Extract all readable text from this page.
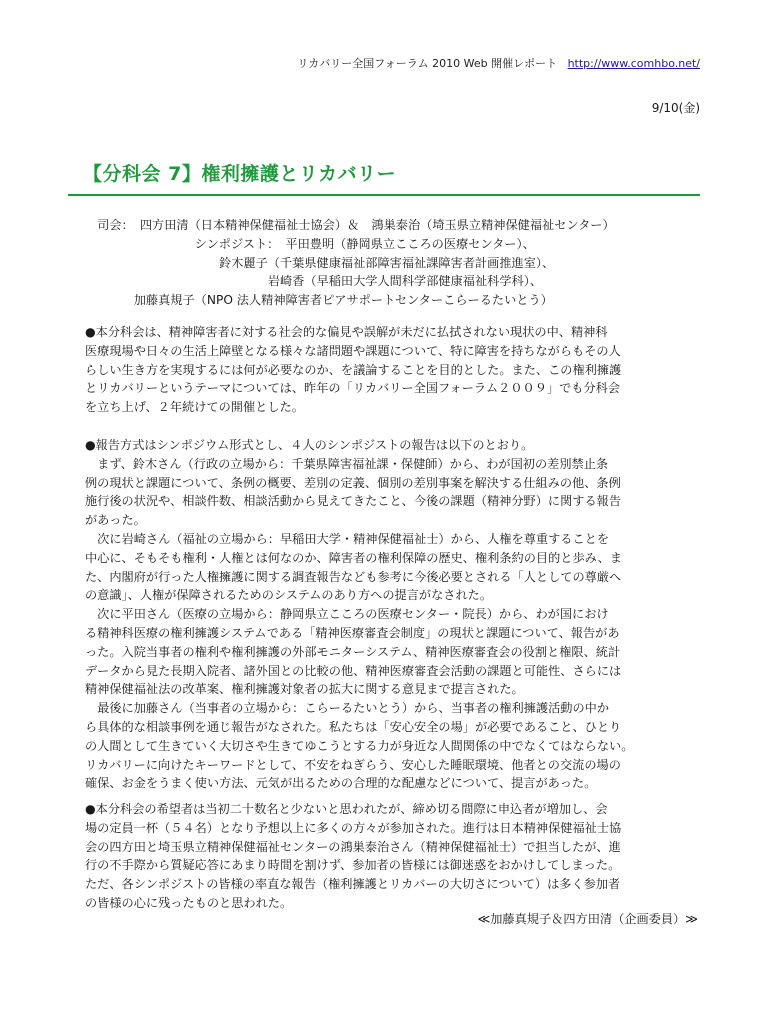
リカバリー全国フォーラム 2010 Web 開催レポート http://www.comhbo.net/
9/10(金)
【分科会 7】権利擁護とリカバリー
　司会：　四方田清（日本精神保健福祉士協会）＆　鴻巣泰治（埼玉県立精神保健福祉センター）
　　　　　　　　　シンポジスト：　平田豊明（静岡県立こころの医療センター）、
　　　　　　　　　　　鈴木麗子（千葉県健康福祉部障害福祉課障害者計画推進室）、
　　　　　　　　　　　　　　　岩崎香（早稲田大学人間科学部健康福祉科学科）、
　　　　加藤真規子（NPO 法人精神障害者ピアサポートセンターこらーるたいとう）
●本分科会は、精神障害者に対する社会的な偏見や誤解が未だに払拭されない現状の中、精神科
医療現場や日々の生活上障壁となる様々な諸問題や課題について、特に障害を持ちながらもその人
らしい生き方を実現するには何が必要なのか、を議論することを目的とした。また、この権利擁護
とリカバリーというテーマについては、昨年の「リカバリー全国フォーラム２００９」でも分科会
を立ち上げ、２年続けての開催とした。
●報告方式はシンポジウム形式とし、４人のシンポジストの報告は以下のとおり。
　まず、鈴木さん（行政の立場から：千葉県障害福祉課・保健師）から、わが国初の差別禁止条
例の現状と課題について、条例の概要、差別の定義、個別の差別事案を解決する仕組みの他、条例
施行後の状況や、相談件数、相談活動から見えてきたこと、今後の課題（精神分野）に関する報告
があった。
　次に岩崎さん（福祉の立場から：早稲田大学・精神保健福祉士）から、人権を尊重することを
中心に、そもそも権利・人権とは何なのか、障害者の権利保障の歴史、権利条約の目的と歩み、ま
た、内閣府が行った人権擁護に関する調査報告なども参考に今後必要とされる「人としての尊厳へ
の意識」、人権が保障されるためのシステムのあり方への提言がなされた。
　次に平田さん（医療の立場から：静岡県立こころの医療センター・院長）から、わが国におけ
る精神科医療の権利擁護システムである「精神医療審査会制度」の現状と課題について、報告があ
った。入院当事者の権利や権利擁護の外部モニターシステム、精神医療審査会の役割と権限、統計
データから見た長期入院者、諸外国との比較の他、精神医療審査会活動の課題と可能性、さらには
精神保健福祉法の改革案、権利擁護対象者の拡大に関する意見まで提言された。
　最後に加藤さん（当事者の立場から：こらーるたいとう）から、当事者の権利擁護活動の中か
ら具体的な相談事例を通じ報告がなされた。私たちは「安心安全の場」が必要であること、ひとり
の人間として生きていく大切さや生きてゆこうとする力が身近な人間関係の中でなくてはならない。
リカバリーに向けたキーワードとして、不安をねぎらう、安心した睡眠環境、他者との交流の場の
確保、お金をうまく使い方法、元気が出るための合理的な配慮などについて、提言があった。
●本分科会の希望者は当初二十数名と少ないと思われたが、締め切る間際に申込者が増加し、会
場の定員一杯（５４名）となり予想以上に多くの方々が参加された。進行は日本精神保健福祉士協
会の四方田と埼玉県立精神保健福祉センターの鴻巣泰治さん（精神保健福祉士）で担当したが、進
行の不手際から質疑応答にあまり時間を割けず、参加者の皆様には御迷惑をおかけしてしまった。
ただ、各シンポジストの皆様の率直な報告（権利擁護とリカバーの大切さについて）は多く参加者
の皆様の心に残ったものと思われた。
≪加藤真規子＆四方田清（企画委員）≫
